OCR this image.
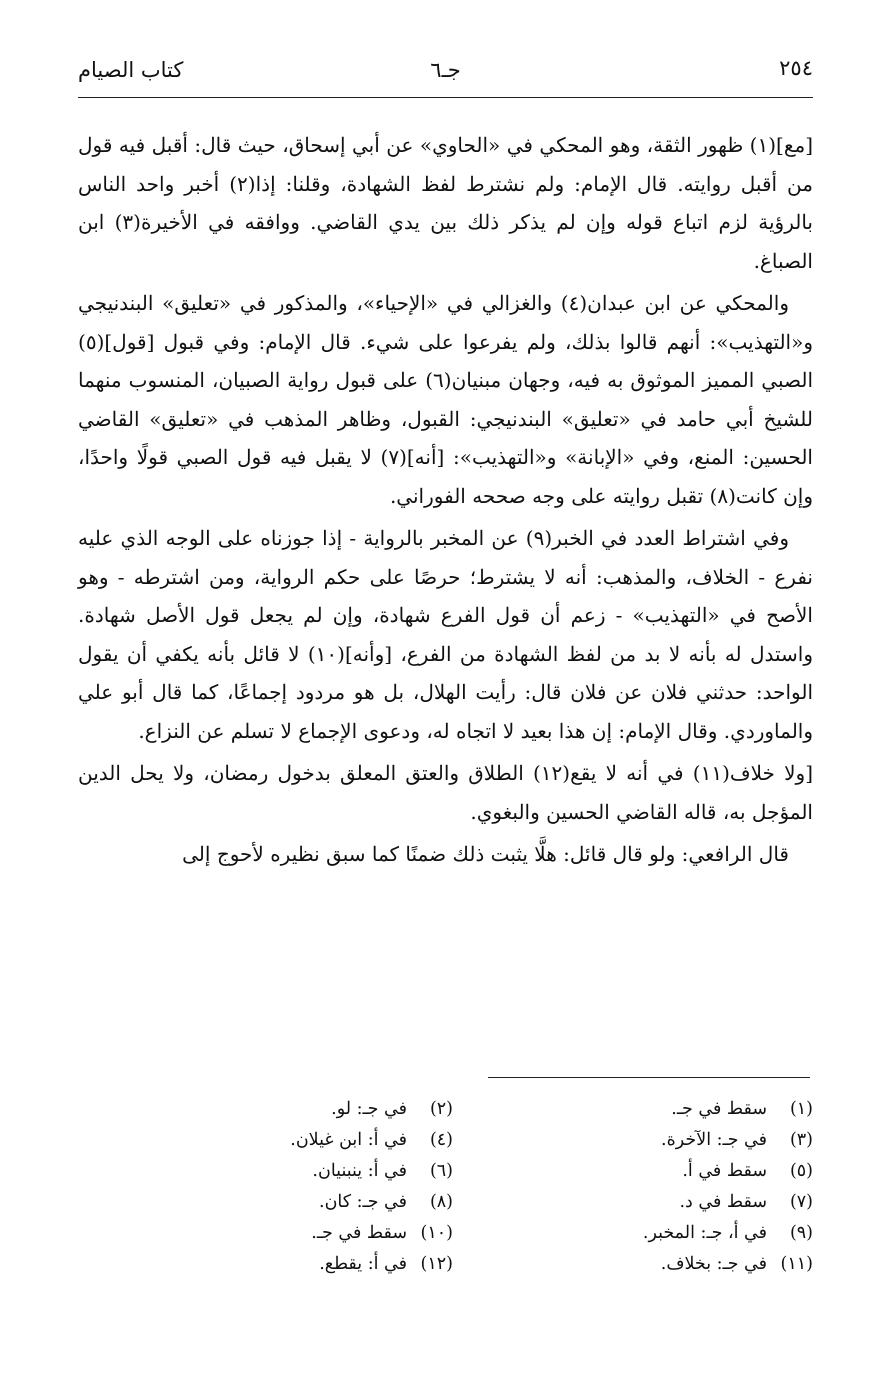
كتاب الصيام	جـ٦	٢٥٤

[مع](١) ظهور الثقة، وهو المحكي في «الحاوي» عن أبي إسحاق، حيث قال: أقبل فيه قول من أقبل روايته. قال الإمام: ولم نشترط لفظ الشهادة، وقلنا: إذا(٢) أخبر واحد الناس بالرؤية لزم اتباع قوله وإن لم يذكر ذلك بين يدي القاضي. ووافقه في الأخيرة(٣) ابن الصباغ.

والمحكي عن ابن عبدان(٤) والغزالي في «الإحياء»، والمذكور في «تعليق» البندنيجي و«التهذيب»: أنهم قالوا بذلك، ولم يفرعوا على شيء. قال الإمام: وفي قبول [قول](٥) الصبي المميز الموثوق به فيه، وجهان مبنيان(٦) على قبول رواية الصبيان، المنسوب منهما للشيخ أبي حامد في «تعليق» البندنيجي: القبول، وظاهر المذهب في «تعليق» القاضي الحسين: المنع، وفي «الإبانة» و«التهذيب»: [أنه](٧) لا يقبل فيه قول الصبي قولًا واحدًا، وإن كانت(٨) تقبل روايته على وجه صححه الفوراني.

وفي اشتراط العدد في الخبر(٩) عن المخبر بالرواية - إذا جوزناه على الوجه الذي عليه نفرع - الخلاف، والمذهب: أنه لا يشترط؛ حرصًا على حكم الرواية، ومن اشترطه - وهو الأصح في «التهذيب» - زعم أن قول الفرع شهادة، وإن لم يجعل قول الأصل شهادة. واستدل له بأنه لا بد من لفظ الشهادة من الفرع، [وأنه](١٠) لا قائل بأنه يكفي أن يقول الواحد: حدثني فلان عن فلان قال: رأيت الهلال، بل هو مردود إجماعًا، كما قال أبو علي والماوردي. وقال الإمام: إن هذا بعيد لا اتجاه له، ودعوى الإجماع لا تسلم عن النزاع.

[ولا خلاف(١١) في أنه لا يقع(١٢) الطلاق والعتق المعلق بدخول رمضان، ولا يحل الدين المؤجل به، قاله القاضي الحسين والبغوي.

قال الرافعي: ولو قال قائل: هلَّا يثبت ذلك ضمنًا كما سبق نظيره لأحوج إلى

(١)سقط في جـ.
(٢)في جـ: لو.
(٣)في جـ: الآخرة.
(٤)في أ: ابن غيلان.
(٥)سقط في أ.
(٦)في أ: ينبنيان.
(٧)سقط في د.
(٨)في جـ: كان.
(٩)في أ، جـ: المخبر.
(١٠)سقط في جـ.
(١١)في جـ: بخلاف.
(١٢)في أ: يقطع.
